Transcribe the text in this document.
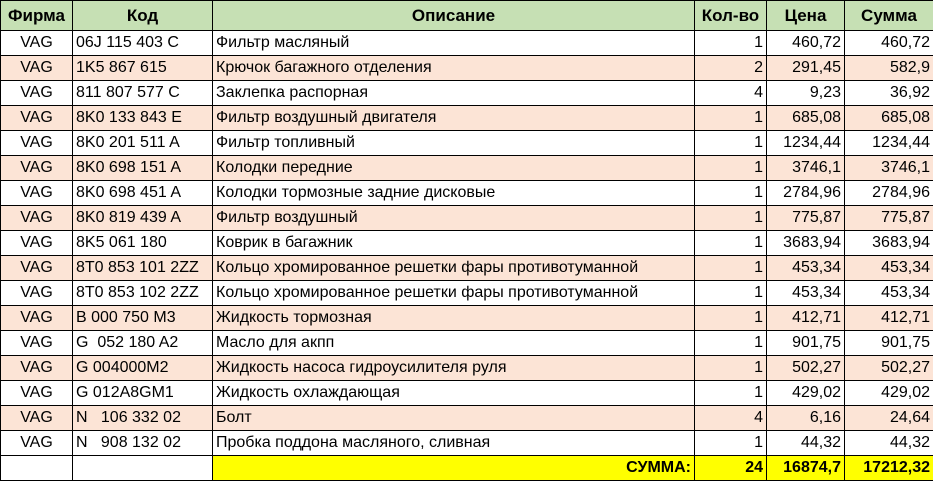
Фирма	Код	Описание	Кол-во	Цена	Сумма
VAG	06J 115 403 C	Фильтр масляный	1	460,72	460,72
VAG	1K5 867 615	Крючок багажного отделения	2	291,45	582,9
VAG	811 807 577 C	Заклепка распорная	4	9,23	36,92
VAG	8K0 133 843 E	Фильтр воздушный двигателя	1	685,08	685,08
VAG	8K0 201 511 A	Фильтр топливный	1	1234,44	1234,44
VAG	8K0 698 151 A	Колодки передние	1	3746,1	3746,1
VAG	8K0 698 451 A	Колодки тормозные задние дисковые	1	2784,96	2784,96
VAG	8K0 819 439 A	Фильтр воздушный	1	775,87	775,87
VAG	8K5 061 180	Коврик в багажник	1	3683,94	3683,94
VAG	8T0 853 101 2ZZ	Кольцо хромированное решетки фары противотуманной	1	453,34	453,34
VAG	8T0 853 102 2ZZ	Кольцо хромированное решетки фары противотуманной	1	453,34	453,34
VAG	B 000 750 M3	Жидкость тормозная	1	412,71	412,71
VAG	G  052 180 A2	Масло для акпп	1	901,75	901,75
VAG	G 004000M2	Жидкость насоса гидроусилителя руля	1	502,27	502,27
VAG	G 012A8GM1	Жидкость охлаждающая	1	429,02	429,02
VAG	N   106 332 02	Болт	4	6,16	24,64
VAG	N   908 132 02	Пробка поддона масляного, сливная	1	44,32	44,32
		СУММА:	24	16874,7	17212,32
